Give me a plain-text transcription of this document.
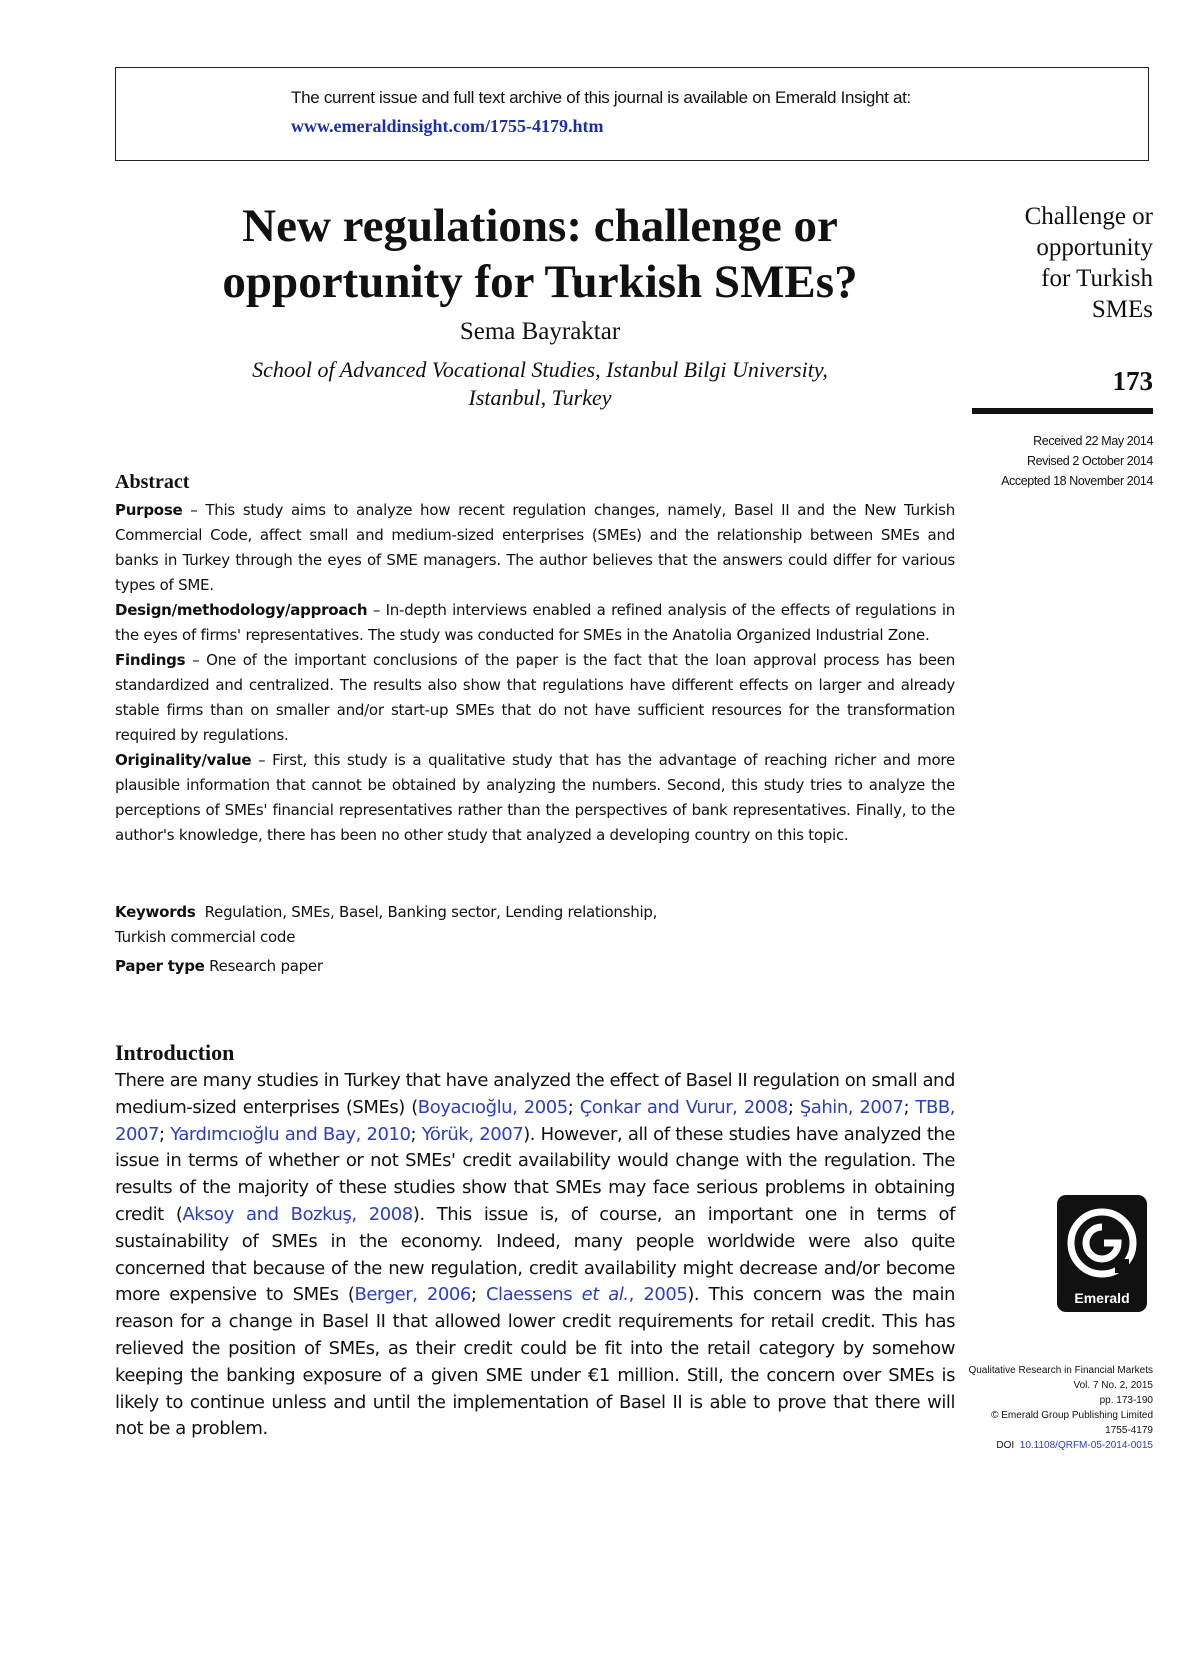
The current issue and full text archive of this journal is available on Emerald Insight at:
www.emeraldinsight.com/1755-4179.htm
New regulations: challenge or
opportunity for Turkish SMEs?
Sema Bayraktar
School of Advanced Vocational Studies, Istanbul Bilgi University,
Istanbul, Turkey
Challenge or
opportunity
for Turkish
SMEs
173
Received 22 May 2014
Revised 2 October 2014
Accepted 18 November 2014
Abstract

Purpose – This study aims to analyze how recent regulation changes, namely, Basel II and the New Turkish Commercial Code, affect small and medium-sized enterprises (SMEs) and the relationship between SMEs and banks in Turkey through the eyes of SME managers. The author believes that the answers could differ for various types of SME.

Design/methodology/approach – In-depth interviews enabled a refined analysis of the effects of regulations in the eyes of firms' representatives. The study was conducted for SMEs in the Anatolia Organized Industrial Zone.

Findings – One of the important conclusions of the paper is the fact that the loan approval process has been standardized and centralized. The results also show that regulations have different effects on larger and already stable firms than on smaller and/or start-up SMEs that do not have sufficient resources for the transformation required by regulations.

Originality/value – First, this study is a qualitative study that has the advantage of reaching richer and more plausible information that cannot be obtained by analyzing the numbers. Second, this study tries to analyze the perceptions of SMEs' financial representatives rather than the perspectives of bank representatives. Finally, to the author's knowledge, there has been no other study that analyzed a developing country on this topic.

Keywords Regulation, SMEs, Basel, Banking sector, Lending relationship,
Turkish commercial code
Paper type Research paper
Introduction
There are many studies in Turkey that have analyzed the effect of Basel II regulation on small and medium-sized enterprises (SMEs) (Boyacıoğlu, 2005; Çonkar and Vurur, 2008; Şahin, 2007; TBB, 2007; Yardımcıoğlu and Bay, 2010; Yörük, 2007). However, all of these studies have analyzed the issue in terms of whether or not SMEs' credit availability would change with the regulation. The results of the majority of these studies show that SMEs may face serious problems in obtaining credit (Aksoy and Bozkuş, 2008). This issue is, of course, an important one in terms of sustainability of SMEs in the economy. Indeed, many people worldwide were also quite concerned that because of the new regulation, credit availability might decrease and/or become more expensive to SMEs (Berger, 2006; Claessens et al., 2005). This concern was the main reason for a change in Basel II that allowed lower credit requirements for retail credit. This has relieved the position of SMEs, as their credit could be fit into the retail category by somehow keeping the banking exposure of a given SME under €1 million. Still, the concern over SMEs is likely to continue unless and until the implementation of Basel II is able to prove that there will not be a problem.
Emerald
Qualitative Research in Financial Markets
Vol. 7 No. 2, 2015
pp. 173-190
© Emerald Group Publishing Limited
1755-4179
DOI 10.1108/QRFM-05-2014-0015
